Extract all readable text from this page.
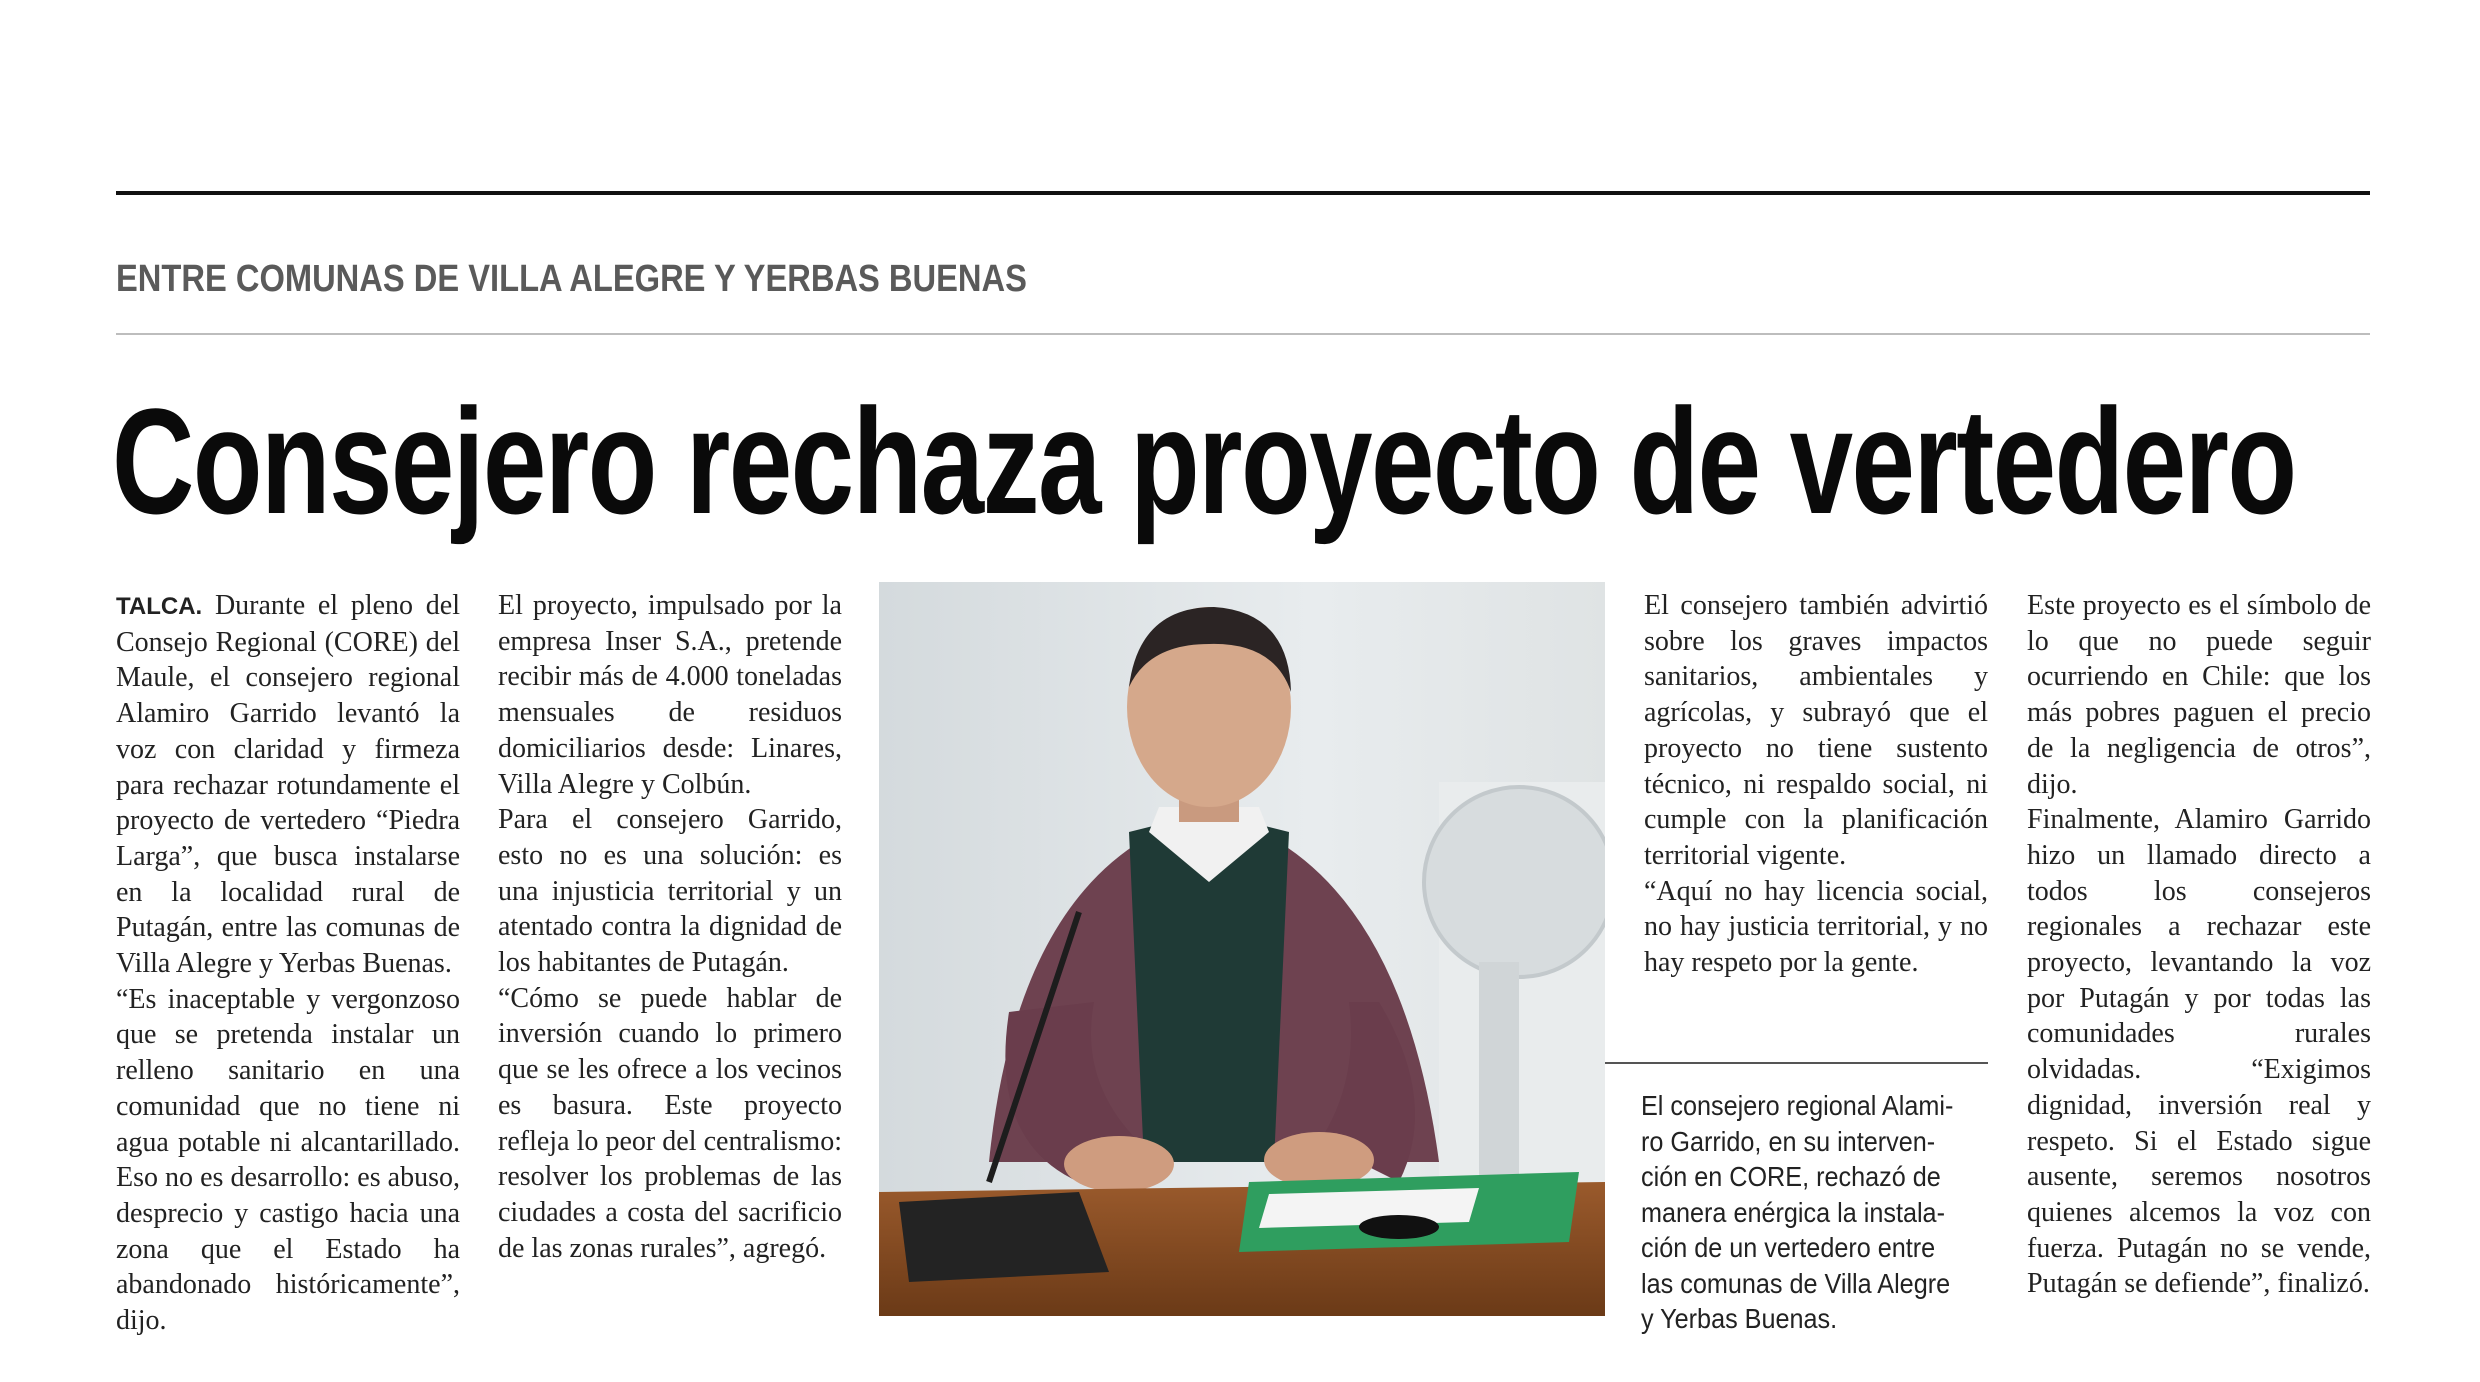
ENTRE COMUNAS DE VILLA ALEGRE Y YERBAS BUENAS
Consejero rechaza proyecto de vertedero

TALCA. Durante el pleno del Consejo Regional (CORE) del Maule, el consejero regional Alamiro Garrido levantó la voz con claridad y firmeza para rechazar rotundamente el proyecto de vertedero “Piedra Larga”, que busca instalarse en la localidad rural de Putagán, entre las comunas de Villa Alegre y Yerbas Buenas.

“Es inaceptable y vergonzoso que se pretenda instalar un relleno sanitario en una comunidad que no tiene ni agua potable ni alcantarillado. Eso no es desarrollo: es abuso, desprecio y castigo hacia una zona que el Estado ha abandonado históricamente”, dijo.

El proyecto, impulsado por la empresa Inser S.A., pretende recibir más de 4.000 toneladas mensuales de residuos domiciliarios desde: Linares, Villa Alegre y Colbún.

Para el consejero Garrido, esto no es una solución: es una injusticia territorial y un atentado contra la dignidad de los habitantes de Putagán.

“Cómo se puede hablar de inversión cuando lo primero que se les ofrece a los vecinos es basura. Este proyecto refleja lo peor del centralismo: resolver los problemas de las ciudades a costa del sacrificio de las zonas rurales”, agregó.

El consejero también advirtió sobre los graves impactos sanitarios, ambientales y agrícolas, y subrayó que el proyecto no tiene sustento técnico, ni respaldo social, ni cumple con la planificación territorial vigente.

“Aquí no hay licencia social, no hay justicia territorial, y no hay respeto por la gente.

El consejero regional Alami-
ro Garrido, en su interven-
ción en CORE, rechazó de
manera enérgica la instala-
ción de un vertedero entre
las comunas de Villa Alegre
y Yerbas Buenas.

Este proyecto es el símbolo de lo que no puede seguir ocurriendo en Chile: que los más pobres paguen el precio de la negligencia de otros”, dijo.

Finalmente, Alamiro Garrido hizo un llamado directo a todos los consejeros regionales a rechazar este proyecto, levantando la voz por Putagán y por todas las comunidades rurales olvidadas. “Exigimos dignidad, inversión real y respeto. Si el Estado sigue ausente, seremos nosotros quienes alcemos la voz con fuerza. Putagán no se vende, Putagán se defiende”, finalizó.
